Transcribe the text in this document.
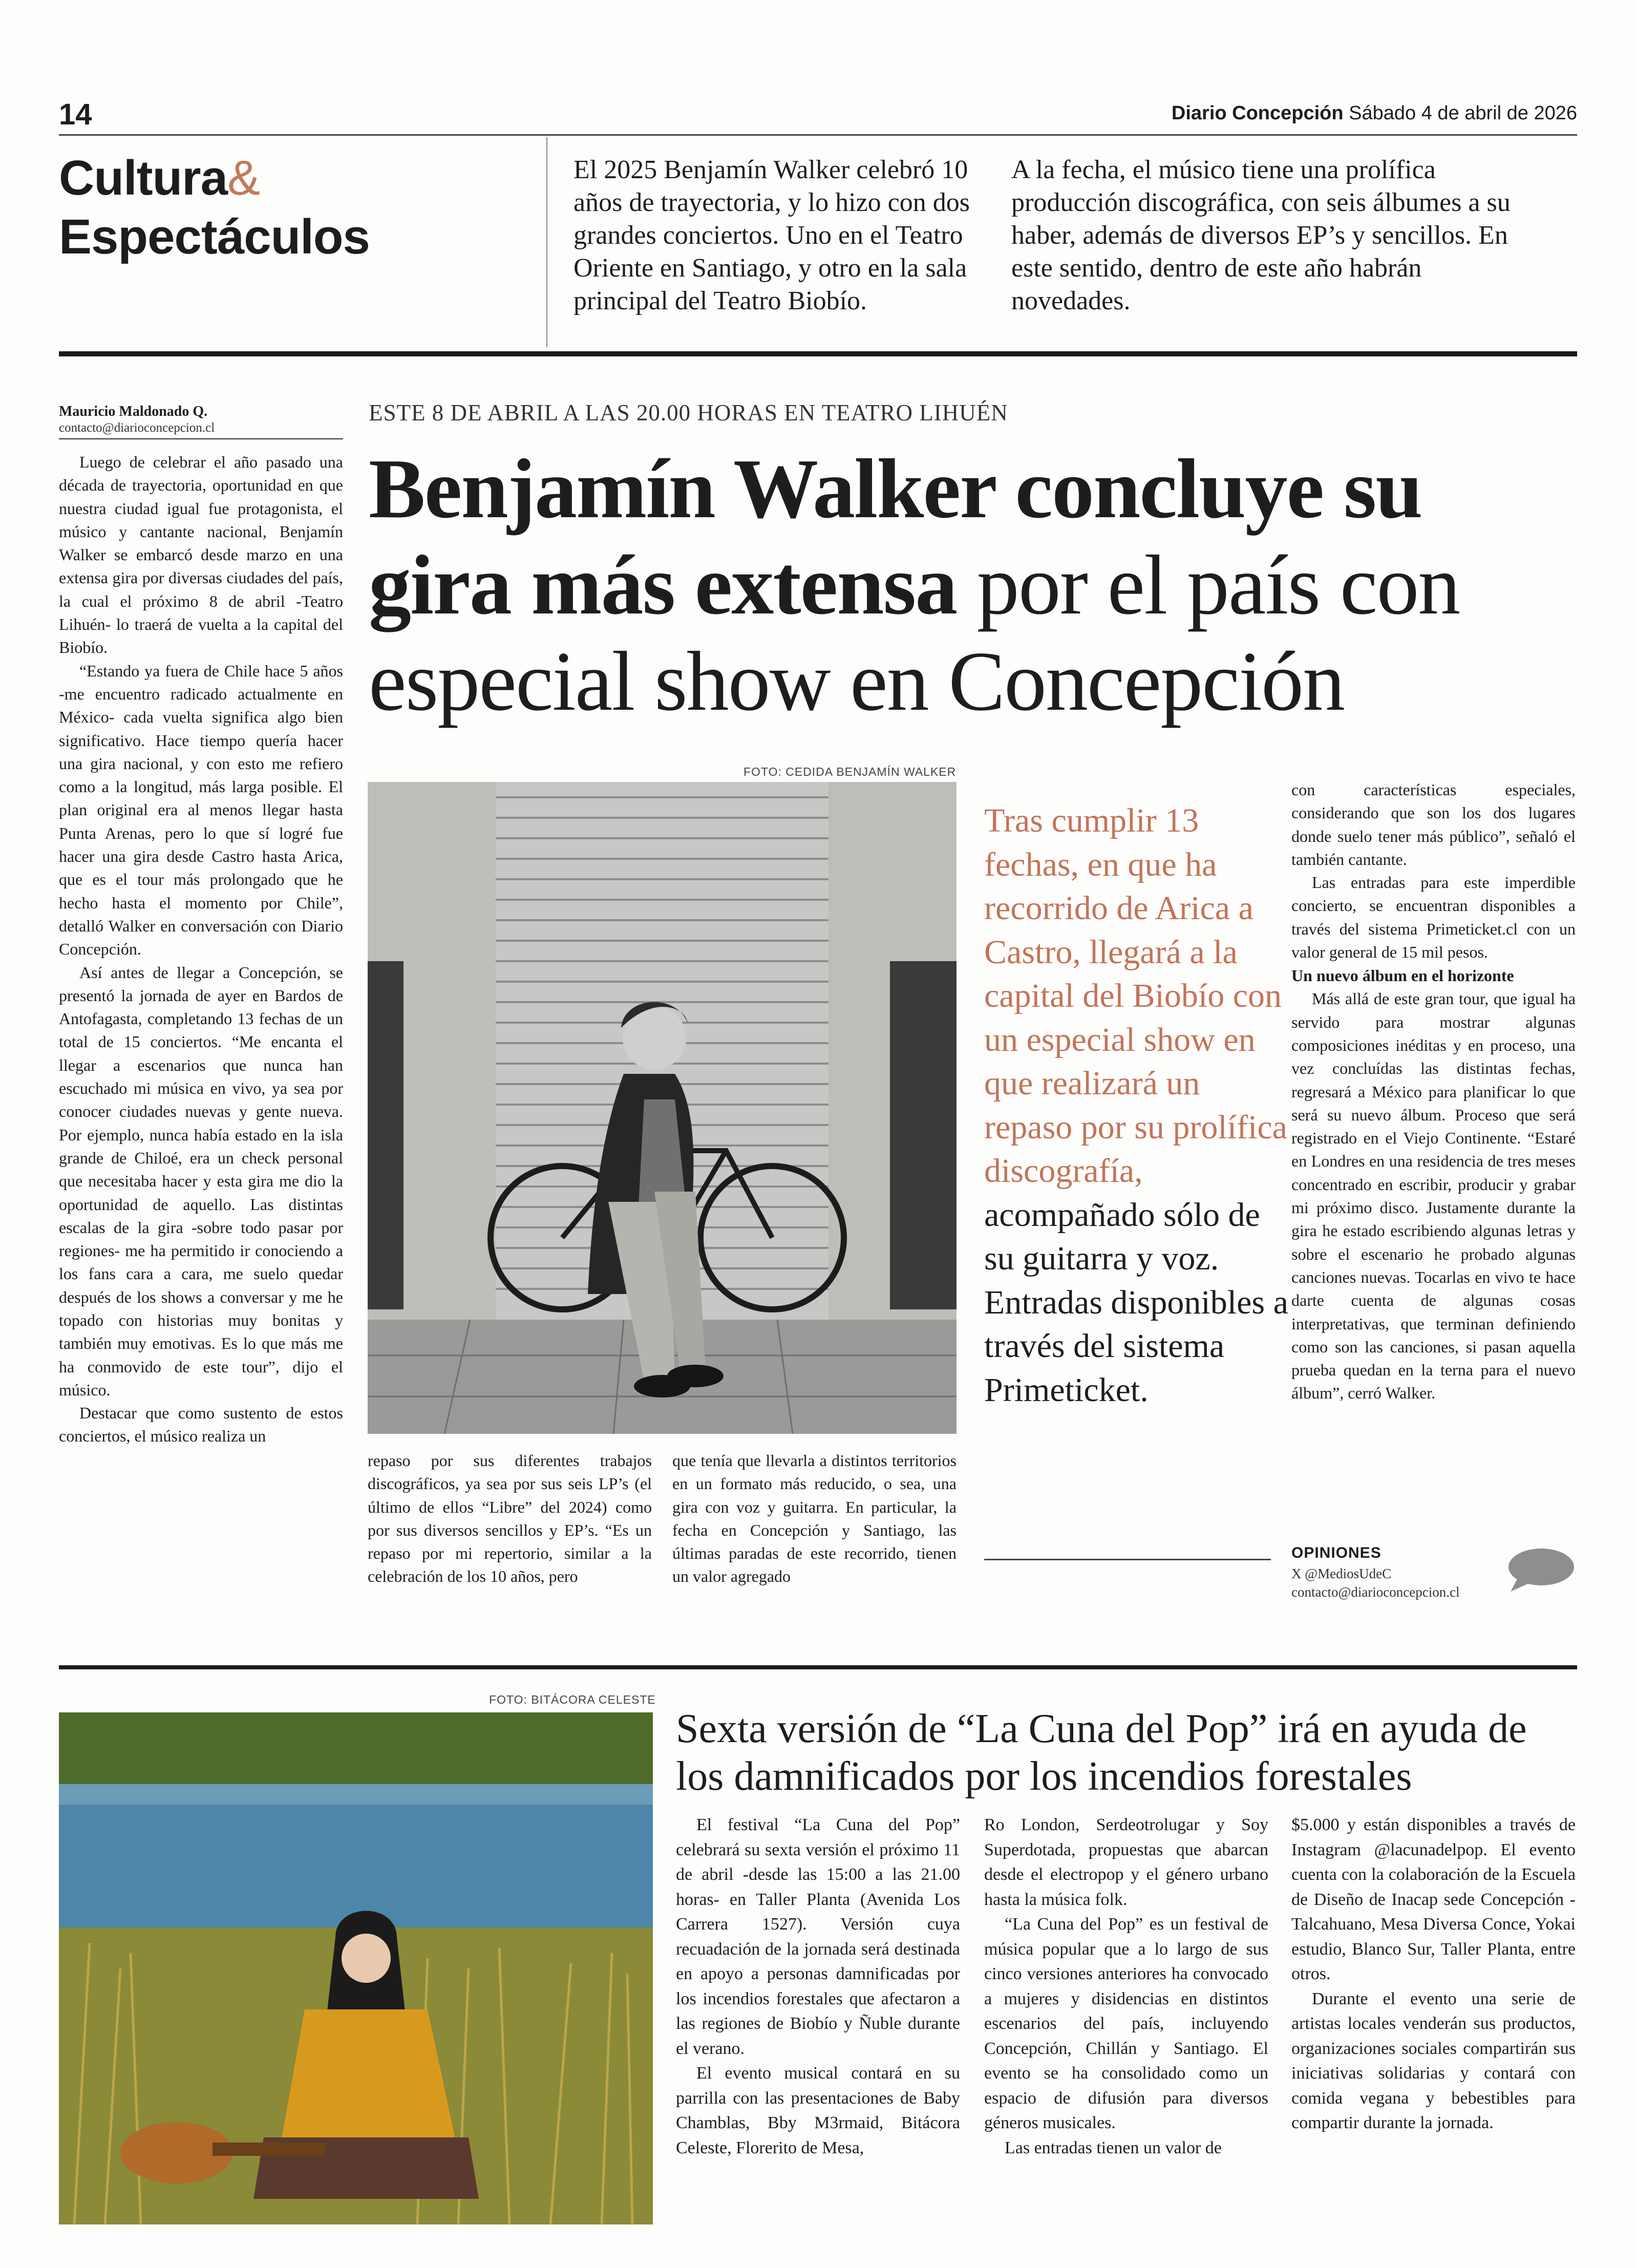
14	Diario Concepción Sábado 4 de abril de 2026
Cultura&
Espectáculos
El 2025 Benjamín Walker celebró 10 años de trayectoria, y lo hizo con dos grandes conciertos. Uno en el Teatro Oriente en Santiago, y otro en la sala principal del Teatro Biobío.
A la fecha, el músico tiene una prolífica producción discográfica, con seis álbumes a su haber, además de diversos EP’s y sencillos. En este sentido, dentro de este año habrán novedades.
Mauricio Maldonado Q.
contacto@diarioconcepcion.cl
ESTE 8 DE ABRIL A LAS 20.00 HORAS EN TEATRO LIHUÉN
Benjamín Walker concluye su gira más extensa por el país con especial show en Concepción

Luego de celebrar el año pasado una década de trayectoria, oportunidad en que nuestra ciudad igual fue protagonista, el músico y cantante nacional, Benjamín Walker se embarcó desde marzo en una extensa gira por diversas ciudades del país, la cual el próximo 8 de abril -Teatro Lihuén- lo traerá de vuelta a la capital del Biobío.

“Estando ya fuera de Chile hace 5 años -me encuentro radicado actualmente en México- cada vuelta significa algo bien significativo. Hace tiempo quería hacer una gira nacional, y con esto me refiero como a la longitud, más larga posible. El plan original era al menos llegar hasta Punta Arenas, pero lo que sí logré fue hacer una gira desde Castro hasta Arica, que es el tour más prolongado que he hecho hasta el momento por Chile”, detalló Walker en conversación con Diario Concepción.

Así antes de llegar a Concepción, se presentó la jornada de ayer en Bardos de Antofagasta, completando 13 fechas de un total de 15 conciertos. “Me encanta el llegar a escenarios que nunca han escuchado mi música en vivo, ya sea por conocer ciudades nuevas y gente nueva. Por ejemplo, nunca había estado en la isla grande de Chiloé, era un check personal que necesitaba hacer y esta gira me dio la oportunidad de aquello. Las distintas escalas de la gira -sobre todo pasar por regiones- me ha permitido ir conociendo a los fans cara a cara, me suelo quedar después de los shows a conversar y me he topado con historias muy bonitas y también muy emotivas. Es lo que más me ha conmovido de este tour”, dijo el músico.

Destacar que como sustento de estos conciertos, el músico realiza un

FOTO: CEDIDA BENJAMÍN WALKER

repaso por sus diferentes trabajos discográficos, ya sea por sus seis LP’s (el último de ellos “Libre” del 2024) como por sus diversos sencillos y EP’s. “Es un repaso por mi repertorio, similar a la celebración de los 10 años, pero

que tenía que llevarla a distintos territorios en un formato más reducido, o sea, una gira con voz y guitarra. En particular, la fecha en Concepción y Santiago, las últimas paradas de este recorrido, tienen un valor agregado

Tras cumplir 13 fechas, en que ha recorrido de Arica a Castro, llegará a la capital del Biobío con un especial show en que realizará un repaso por su prolífica discografía, acompañado sólo de su guitarra y voz. Entradas disponibles a través del sistema Primeticket.

con características especiales, considerando que son los dos lugares donde suelo tener más público”, señaló el también cantante.

Las entradas para este imperdible concierto, se encuentran disponibles a través del sistema Primeticket.cl con un valor general de 15 mil pesos.

Un nuevo álbum en el horizonte

Más allá de este gran tour, que igual ha servido para mostrar algunas composiciones inéditas y en proceso, una vez concluídas las distintas fechas, regresará a México para planificar lo que será su nuevo álbum. Proceso que será registrado en el Viejo Continente. “Estaré en Londres en una residencia de tres meses concentrado en escribir, producir y grabar mi próximo disco. Justamente durante la gira he estado escribiendo algunas letras y sobre el escenario he probado algunas canciones nuevas. Tocarlas en vivo te hace darte cuenta de algunas cosas interpretativas, que terminan definiendo como son las canciones, si pasan aquella prueba quedan en la terna para el nuevo álbum”, cerró Walker.

OPINIONES
X @MediosUdeC
contacto@diarioconcepcion.cl
FOTO: BITÁCORA CELESTE
Sexta versión de “La Cuna del Pop” irá en ayuda de los damnificados por los incendios forestales

El festival “La Cuna del Pop” celebrará su sexta versión el próximo 11 de abril -desde las 15:00 a las 21.00 horas- en Taller Planta (Avenida Los Carrera 1527). Versión cuya recuadación de la jornada será destinada en apoyo a personas damnificadas por los incendios forestales que afectaron a las regiones de Biobío y Ñuble durante el verano.

El evento musical contará en su parrilla con las presentaciones de Baby Chamblas, Bby M3rmaid, Bitácora Celeste, Florerito de Mesa,

Ro London, Serdeotrolugar y Soy Superdotada, propuestas que abarcan desde el electropop y el género urbano hasta la música folk.

“La Cuna del Pop” es un festival de música popular que a lo largo de sus cinco versiones anteriores ha convocado a mujeres y disidencias en distintos escenarios del país, incluyendo Concepción, Chillán y Santiago. El evento se ha consolidado como un espacio de difusión para diversos géneros musicales.

Las entradas tienen un valor de

$5.000 y están disponibles a través de Instagram @lacunadelpop. El evento cuenta con la colaboración de la Escuela de Diseño de Inacap sede Concepción - Talcahuano, Mesa Diversa Conce, Yokai estudio, Blanco Sur, Taller Planta, entre otros.

Durante el evento una serie de artistas locales venderán sus productos, organizaciones sociales compartirán sus iniciativas solidarias y contará con comida vegana y bebestibles para compartir durante la jornada.
